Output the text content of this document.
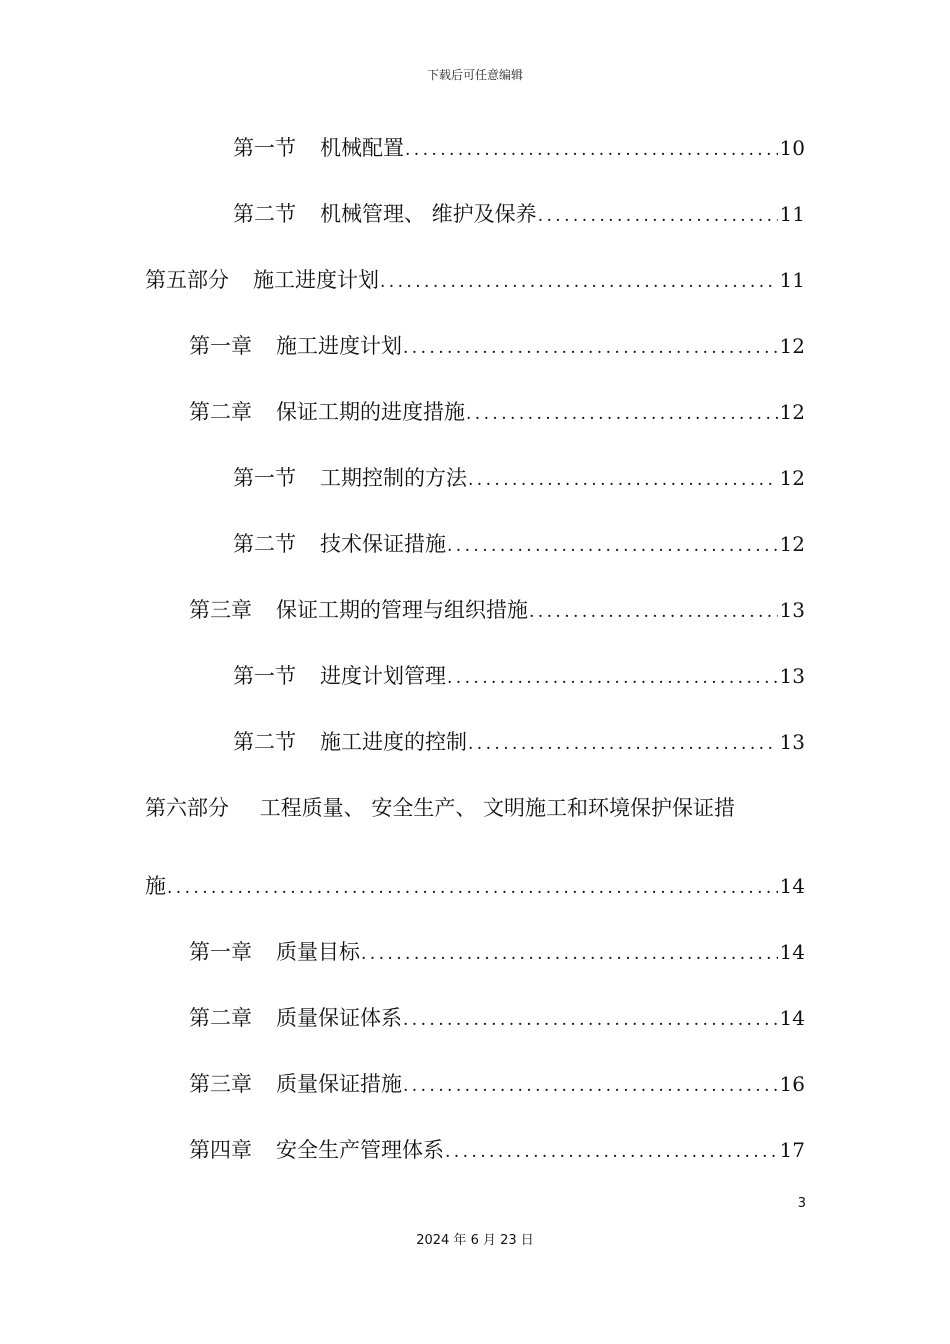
下载后可任意编辑
第一节 机械配置 . . .	10
第二节 机械管理、 维护及保养 . . .	11
第五部分 施工进度计划 . . .	11
第一章 施工进度计划 . . .	12
第二章 保证工期的进度措施 . . .	12
第一节 工期控制的方法 . . .	12
第二节 技术保证措施 . . .	12
第三章 保证工期的管理与组织措施 . . .	13
第一节 进度计划管理 . . .	13
第二节 施工进度的控制 . . .	13
第六部分 工程质量、 安全生产、 文明施工和环境保护保证措
施 . . .	14
第一章 质量目标 . . .	14
第二章 质量保证体系 . . .	14
第三章 质量保证措施 . . .	16
第四章 安全生产管理体系 . . .	17
3
2024 年 6 月 23 日
